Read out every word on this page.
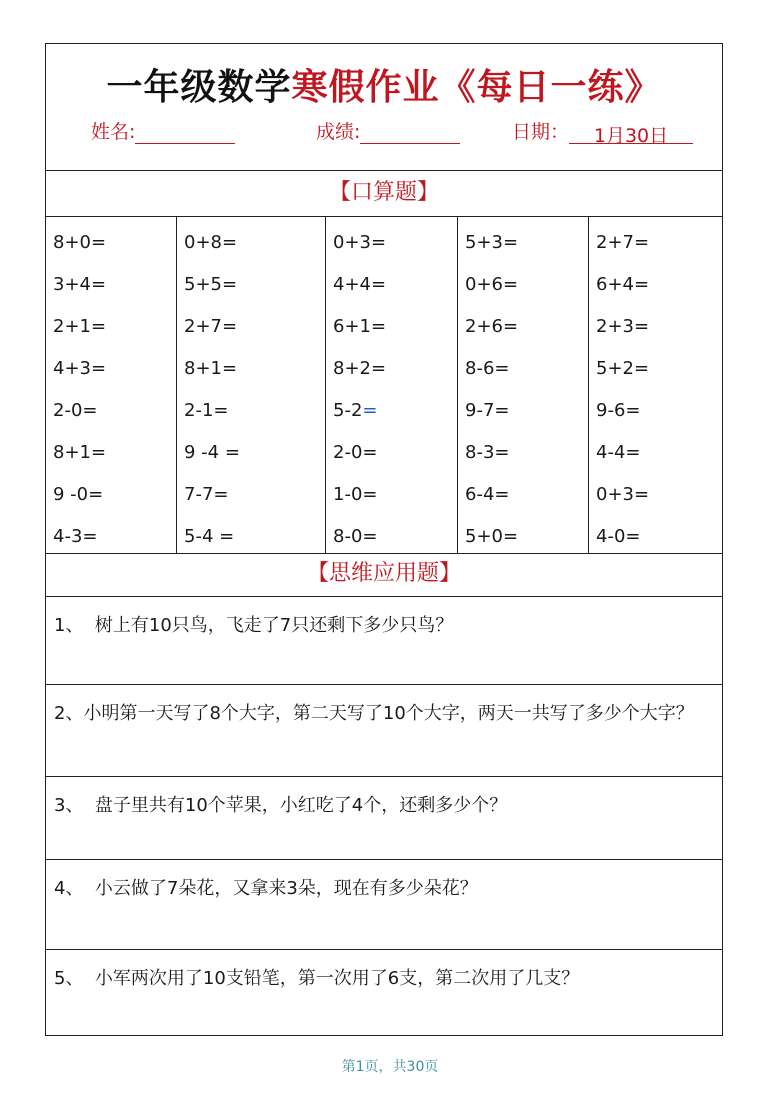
一年级数学寒假作业《每日一练》
姓名:	成绩:	日期： 1月30日
【口算题】
8+0=
3+4=
2+1=
4+3=
2-0=
8+1=
9 -0=
4-3=
0+8=
5+5=
2+7=
8+1=
2-1=
9 -4 =
7-7=
5-4 =
0+3=
4+4=
6+1=
8+2=
5-2=
2-0=
1-0=
8-0=
5+3=
0+6=
2+6=
8-6=
9-7=
8-3=
6-4=
5+0=
2+7=
6+4=
2+3=
5+2=
9-6=
4-4=
0+3=
4-0=
【思维应用题】
1、  树上有10只鸟，飞走了7只还剩下多少只鸟？
2、小明第一天写了8个大字，第二天写了10个大字，两天一共写了多少个大字？
3、  盘子里共有10个苹果，小红吃了4个，还剩多少个？
4、  小云做了7朵花，又拿来3朵，现在有多少朵花？
5、  小军两次用了10支铅笔，第一次用了6支，第二次用了几支？
第1页，共30页
